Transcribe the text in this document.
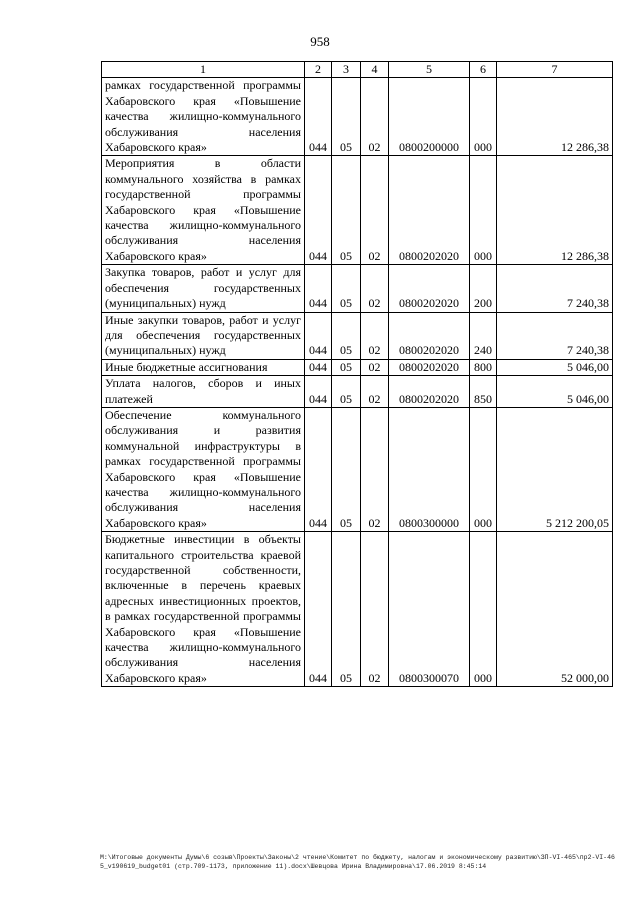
958
1	2	3	4	5	6	7
рамках государственной программы Хабаровского края «Повышение качества жилищно-коммунального обслуживания населения Хабаровского края»	044	05	02	0800200000	000	12 286,38
Мероприятия в области коммунального хозяйства в рамках государственной программы Хабаровского края «Повышение качества жилищно-коммунального обслуживания населения Хабаровского края»	044	05	02	0800202020	000	12 286,38
Закупка товаров, работ и услуг для обеспечения государственных (муниципальных) нужд	044	05	02	0800202020	200	7 240,38
Иные закупки товаров, работ и услуг для обеспечения государственных (муниципальных) нужд	044	05	02	0800202020	240	7 240,38
Иные бюджетные ассигнования	044	05	02	0800202020	800	5 046,00
Уплата налогов, сборов и иных платежей	044	05	02	0800202020	850	5 046,00
Обеспечение коммунального обслуживания и развития коммунальной инфраструктуры в рамках государственной программы Хабаровского края «Повышение качества жилищно-коммунального обслуживания населения Хабаровского края»	044	05	02	0800300000	000	5 212 200,05
Бюджетные инвестиции в объекты капитального строительства краевой государственной собственности, включенные в перечень краевых адресных инвестиционных проектов, в рамках государственной программы Хабаровского края «Повышение качества жилищно-коммунального обслуживания населения Хабаровского края»	044	05	02	0800300070	000	52 000,00
M:\Итоговые документы Думы\6 созыв\Проекты\Законы\2 чтение\Комитет по бюджету, налогам и экономическому развитию\ЗП-VI-465\пр2-VI-465_v190619_budget01 (стр.709-1173, приложение 11).docx\Шевцова Ирина Владимировна\17.06.2019 8:45:14
